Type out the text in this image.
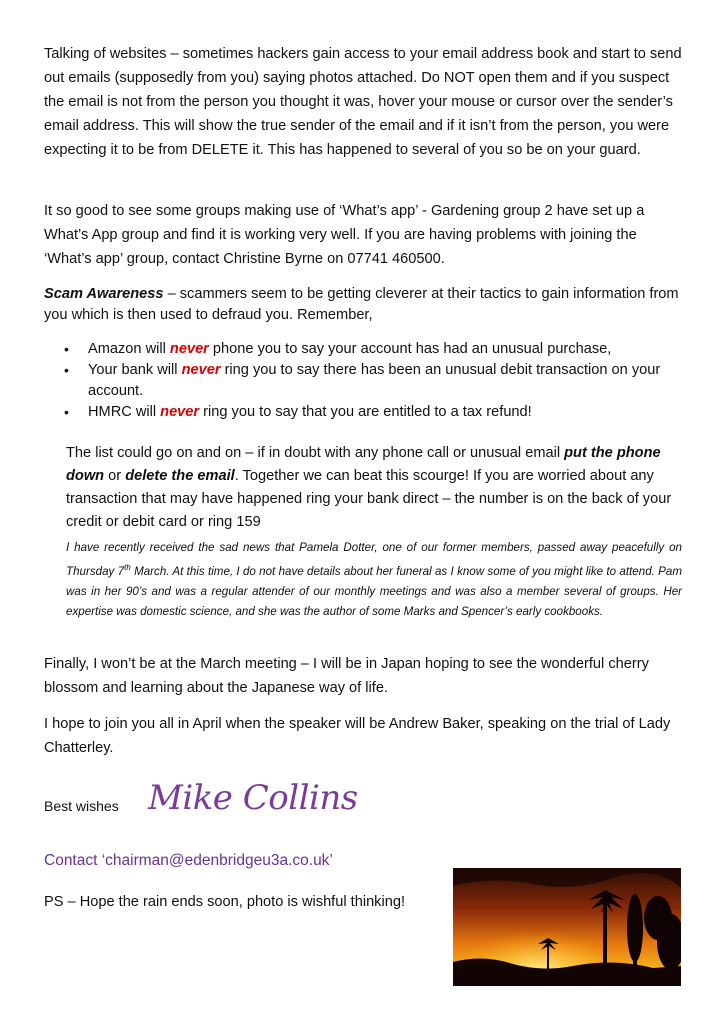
Talking of websites – sometimes hackers gain access to your email address book and start to send out emails (supposedly from you) saying photos attached. Do NOT open them and if you suspect the email is not from the person you thought it was, hover your mouse or cursor over the sender’s email address. This will show the true sender of the email and if it isn’t from the person, you were expecting it to be from DELETE it. This has happened to several of you so be on your guard.

It so good to see some groups making use of ‘What’s app’ - Gardening group 2 have set up a What’s App group and find it is working very well. If you are having problems with joining the ‘What’s app’ group, contact Christine Byrne on 07741 460500.

Scam Awareness – scammers seem to be getting cleverer at their tactics to gain information from you which is then used to defraud you. Remember,

• Amazon will never phone you to say your account has had an unusual purchase,
• Your bank will never ring you to say there has been an unusual debit transaction on your account.
• HMRC will never ring you to say that you are entitled to a tax refund!

The list could go on and on – if in doubt with any phone call or unusual email put the phone down or delete the email. Together we can beat this scourge! If you are worried about any transaction that may have happened ring your bank direct – the number is on the back of your credit or debit card or ring 159

I have recently received the sad news that Pamela Dotter, one of our former members, passed away peacefully on Thursday 7th March. At this time, I do not have details about her funeral as I know some of you might like to attend. Pam was in her 90’s and was a regular attender of our monthly meetings and was also a member several of groups. Her expertise was domestic science, and she was the author of some Marks and Spencer’s early cookbooks.

Finally, I won’t be at the March meeting – I will be in Japan hoping to see the wonderful cherry blossom and learning about the Japanese way of life.

I hope to join you all in April when the speaker will be Andrew Baker, speaking on the trial of Lady Chatterley.

Best wishes Mike Collins
Contact ‘chairman@edenbridgeu3a.co.uk’
PS – Hope the rain ends soon, photo is wishful thinking!
